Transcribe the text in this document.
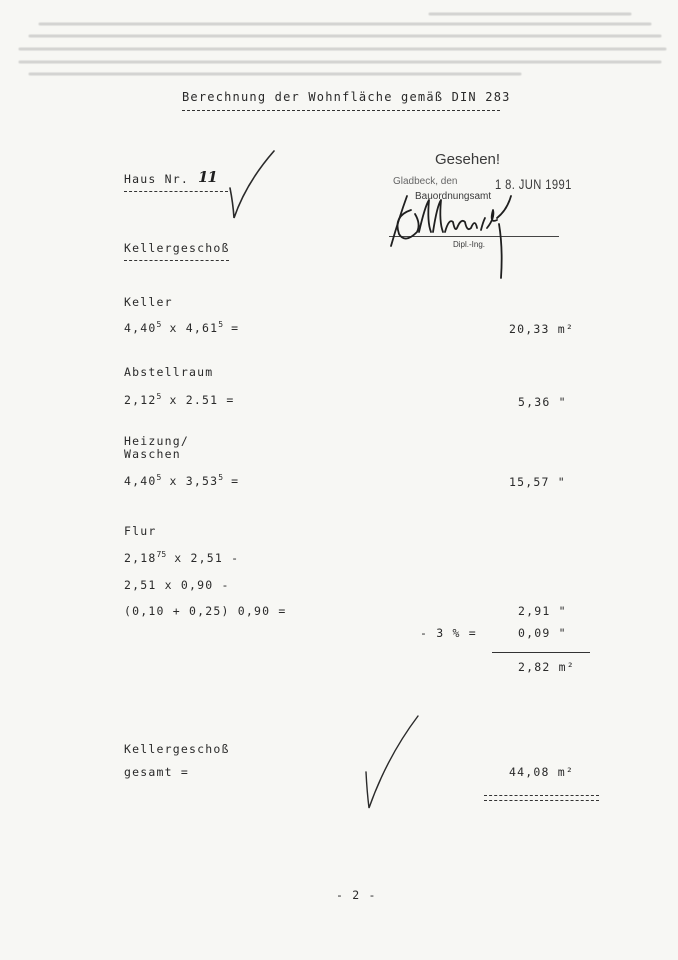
Berechnung der Wohnfläche gemäß DIN 283
Haus Nr. 11
Kellergeschoß
Keller
4,40$^5$ x $4,61^5$ =	20,33 m²
Abstellraum
2,12$^5$ x 2.51 =	5,36 "
Heizung/
Waschen
4,40$^5$ x $3,53^5$ =	15,57 "
Flur
2,18$^{75}$ x 2,51 -
2,51 x 0,90 -
(0,10 + 0,25) 0,90 =	2,91 "
- 3 % =	0,09 "
2,82 m²
Kellergeschoß
gesamt =	44,08 m²
- 2 -
Gesehen!
Gladbeck, den	1 8. JUN 1991
Bauordnungsamt
Dipl.-Ing.
